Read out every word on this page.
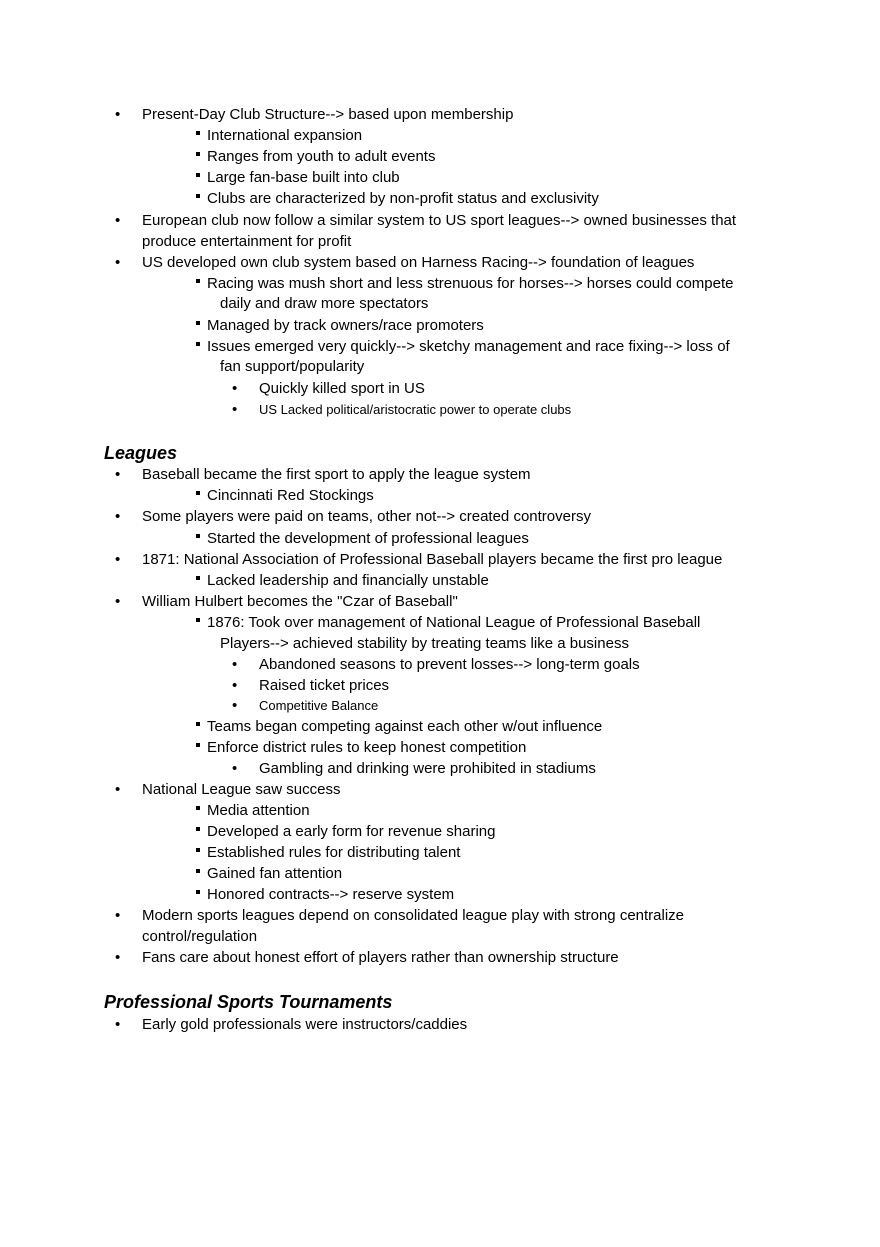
• Present-Day Club Structure--> based upon membership
International expansion
Ranges from youth to adult events
Large fan-base built into club
Clubs are characterized by non-profit status and exclusivity
• European club now follow a similar system to US sport leagues--> owned businesses that
produce entertainment for profit
• US developed own club system based on Harness Racing--> foundation of leagues
Racing was mush short and less strenuous for horses--> horses could compete
daily and draw more spectators
Managed by track owners/race promoters
Issues emerged very quickly--> sketchy management and race fixing--> loss of
fan support/popularity
• Quickly killed sport in US
• US Lacked political/aristocratic power to operate clubs
Leagues
• Baseball became the first sport to apply the league system
Cincinnati Red Stockings
• Some players were paid on teams, other not--> created controversy
Started the development of professional leagues
• 1871: National Association of Professional Baseball players became the first pro league
Lacked leadership and financially unstable
• William Hulbert becomes the "Czar of Baseball"
1876: Took over management of National League of Professional Baseball
Players--> achieved stability by treating teams like a business
• Abandoned seasons to prevent losses--> long-term goals
• Raised ticket prices
• Competitive Balance
Teams began competing against each other w/out influence
Enforce district rules to keep honest competition
• Gambling and drinking were prohibited in stadiums
• National League saw success
Media attention
Developed a early form for revenue sharing
Established rules for distributing talent
Gained fan attention
Honored contracts--> reserve system
• Modern sports leagues depend on consolidated league play with strong centralize
control/regulation
• Fans care about honest effort of players rather than ownership structure
Professional Sports Tournaments
• Early gold professionals were instructors/caddies
